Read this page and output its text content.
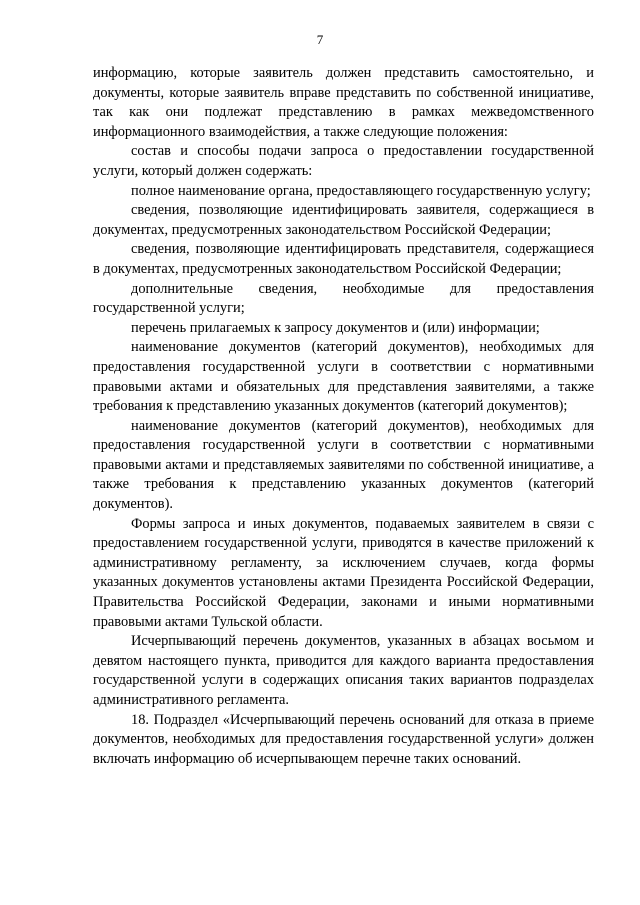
7

информацию, которые заявитель должен представить самостоятельно, и документы, которые заявитель вправе представить по собственной инициативе, так как они подлежат представлению в рамках межведомственного информационного взаимодействия, а также следующие положения:

состав и способы подачи запроса о предоставлении государственной услуги, который должен содержать:

полное наименование органа, предоставляющего государственную услугу;

сведения, позволяющие идентифицировать заявителя, содержащиеся в документах, предусмотренных законодательством Российской Федерации;

сведения, позволяющие идентифицировать представителя, содержащиеся в документах, предусмотренных законодательством Российской Федерации;

дополнительные сведения, необходимые для предоставления государственной услуги;

перечень прилагаемых к запросу документов и (или) информации;

наименование документов (категорий документов), необходимых для предоставления государственной услуги в соответствии с нормативными правовыми актами и обязательных для представления заявителями, а также требования к представлению указанных документов (категорий документов);

наименование документов (категорий документов), необходимых для предоставления государственной услуги в соответствии с нормативными правовыми актами и представляемых заявителями по собственной инициативе, а также требования к представлению указанных документов (категорий документов).

Формы запроса и иных документов, подаваемых заявителем в связи с предоставлением государственной услуги, приводятся в качестве приложений к административному регламенту, за исключением случаев, когда формы указанных документов установлены актами Президента Российской Федерации, Правительства Российской Федерации, законами и иными нормативными правовыми актами Тульской области.

Исчерпывающий перечень документов, указанных в абзацах восьмом и девятом настоящего пункта, приводится для каждого варианта предоставления государственной услуги в содержащих описания таких вариантов подразделах административного регламента.

18. Подраздел «Исчерпывающий перечень оснований для отказа в приеме документов, необходимых для предоставления государственной услуги» должен включать информацию об исчерпывающем перечне таких оснований.
